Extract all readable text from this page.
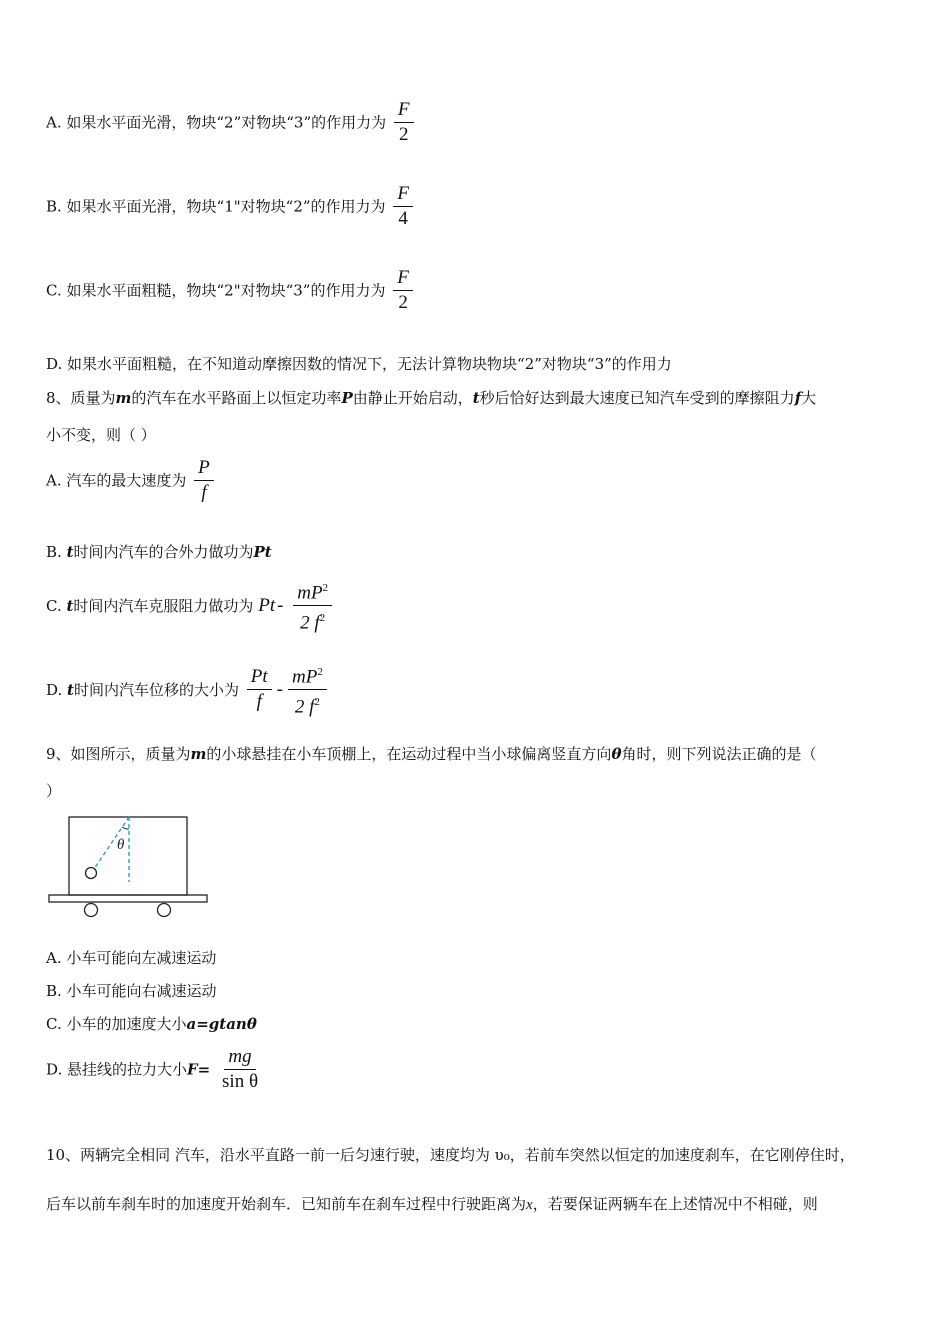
A. 如果水平面光滑，物块“2”对物块“3”的作用力为 $\frac{F}{2}$
B. 如果水平面光滑，物块“1"对物块“2”的作用力为 $\frac{F}{4}$
C. 如果水平面粗糙，物块“2"对物块“3”的作用力为 $\frac{F}{2}$
D. 如果水平面粗糙，在不知道动摩擦因数的情况下，无法计算物块物块“2”对物块“3”的作用力
8、质量为m的汽车在水平路面上以恒定功率P由静止开始启动，t秒后恰好达到最大速度已知汽车受到的摩擦阻力f大
小不变，则（ ）
A. 汽车的最大速度为 $\frac{P}{f}$
B. t时间内汽车的合外力做功为Pt
C. t时间内汽车克服阻力做功为 Pt - $\frac{mP^2}{2 f^2}$
D. t时间内汽车位移的大小为 $\frac{Pt}{f} - \frac{mP^2}{2 f^2}$
9、如图所示，质量为m的小球悬挂在小车顶棚上，在运动过程中当小球偏离竖直方向θ角时，则下列说法正确的是（
）
θ
A. 小车可能向左减速运动
B. 小车可能向右减速运动
C. 小车的加速度大小a=gtanθ
D. 悬挂线的拉力大小$F= \frac{mg}{\text{sin θ}}$
10、两辆完全相同 汽车，沿水平直路一前一后匀速行驶，速度均为 υ₀，若前车突然以恒定的加速度刹车，在它刚停住时，
后车以前车刹车时的加速度开始刹车．已知前车在刹车过程中行驶距离为x，若要保证两辆车在上述情况中不相碰，则
